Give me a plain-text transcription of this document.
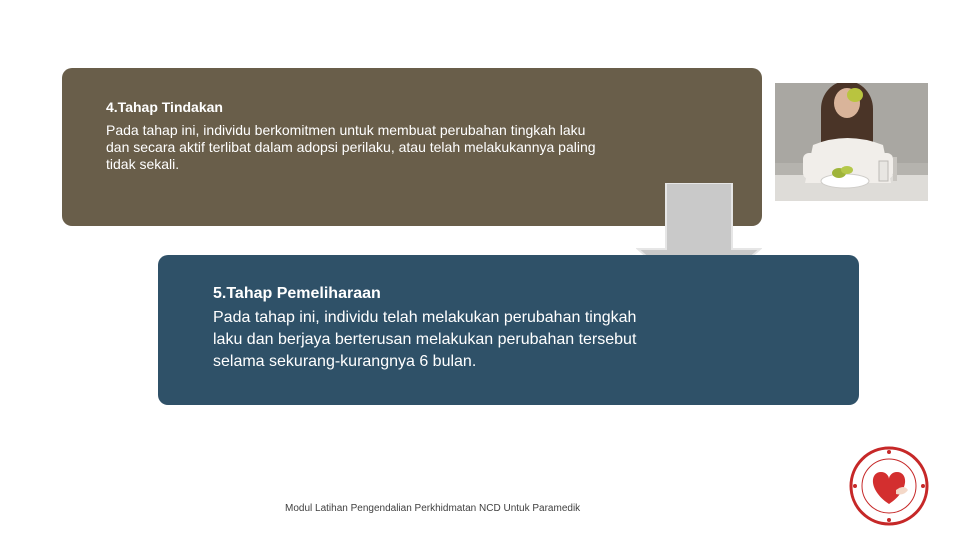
4.Tahap Tindakan

Pada tahap ini, individu berkomitmen untuk membuat perubahan tingkah laku dan secara aktif terlibat dalam adopsi perilaku, atau telah melakukannya paling tidak sekali.

5.Tahap Pemeliharaan

Pada tahap ini, individu telah melakukan perubahan tingkah laku dan berjaya berterusan melakukan perubahan tersebut selama sekurang-kurangnya 6 bulan.

Modul Latihan Pengendalian Perkhidmatan NCD Untuk Paramedik
